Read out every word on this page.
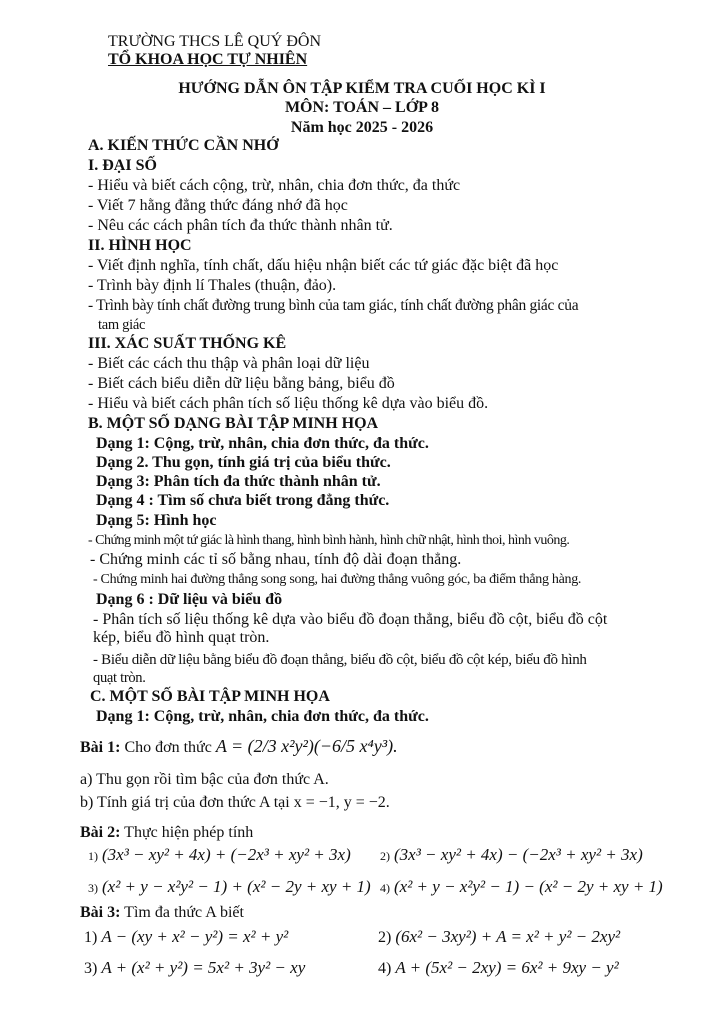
TRƯỜNG THCS LÊ QUÝ ĐÔN
TỔ KHOA HỌC TỰ NHIÊN
HƯỚNG DẪN ÔN TẬP KIỂM TRA CUỐI HỌC KÌ I
MÔN: TOÁN – LỚP 8
Năm học 2025 - 2026
A. KIẾN THỨC CẦN NHỚ
I. ĐẠI SỐ
- Hiểu và biết cách cộng, trừ, nhân, chia đơn thức, đa thức
- Viết 7 hằng đẳng thức đáng nhớ đã học
- Nêu các cách phân tích đa thức thành nhân tử.
II. HÌNH HỌC
- Viết định nghĩa, tính chất, dấu hiệu nhận biết các tứ giác đặc biệt đã học
- Trình bày định lí Thales (thuận, đảo).
- Trình bày tính chất đường trung bình của tam giác, tính chất đường phân giác của
tam giác
III. XÁC SUẤT THỐNG KÊ
- Biết các cách thu thập và phân loại dữ liệu
- Biết cách biểu diễn dữ liệu bằng bảng, biểu đồ
- Hiểu và biết cách phân tích số liệu thống kê dựa vào biểu đồ.
B. MỘT SỐ DẠNG BÀI TẬP MINH HỌA
Dạng 1: Cộng, trừ, nhân, chia đơn thức, đa thức.
Dạng 2. Thu gọn, tính giá trị của biểu thức.
Dạng 3: Phân tích đa thức thành nhân tử.
Dạng 4 : Tìm số chưa biết trong đẳng thức.
Dạng 5: Hình học
- Chứng minh một tứ giác là hình thang, hình bình hành, hình chữ nhật, hình thoi, hình vuông.
- Chứng minh các tỉ số bằng nhau, tính độ dài đoạn thẳng.
- Chứng minh hai đường thẳng song song, hai đường thẳng vuông góc, ba điểm thẳng hàng.
Dạng 6 : Dữ liệu và biểu đồ
- Phân tích số liệu thống kê dựa vào biểu đồ đoạn thẳng, biểu đồ cột, biểu đồ cột
kép, biểu đồ hình quạt tròn.
- Biểu diễn dữ liệu bằng biểu đồ đoạn thẳng, biểu đồ cột, biểu đồ cột kép, biểu đồ hình
quạt tròn.
C. MỘT SỐ BÀI TẬP MINH HỌA
Dạng 1: Cộng, trừ, nhân, chia đơn thức, đa thức.
Bài 1: Cho đơn thức A = (2/3 x²y²)(−6/5 x⁴y³).
a) Thu gọn rồi tìm bậc của đơn thức A.
b) Tính giá trị của đơn thức A tại x = −1, y = −2.
Bài 2: Thực hiện phép tính
1) (3x³ − xy² + 4x) + (−2x³ + xy² + 3x) 2) (3x³ − xy² + 4x) − (−2x³ + xy² + 3x)
3) (x² + y − x²y² − 1) + (x² − 2y + xy + 1) 4) (x² + y − x²y² − 1) − (x² − 2y + xy + 1)
Bài 3: Tìm đa thức A biết
1) A − (xy + x² − y²) = x² + y²	2) (6x² − 3xy²) + A = x² + y² − 2xy²
3) A + (x² + y²) = 5x² + 3y² − xy	4) A + (5x² − 2xy) = 6x² + 9xy − y²
